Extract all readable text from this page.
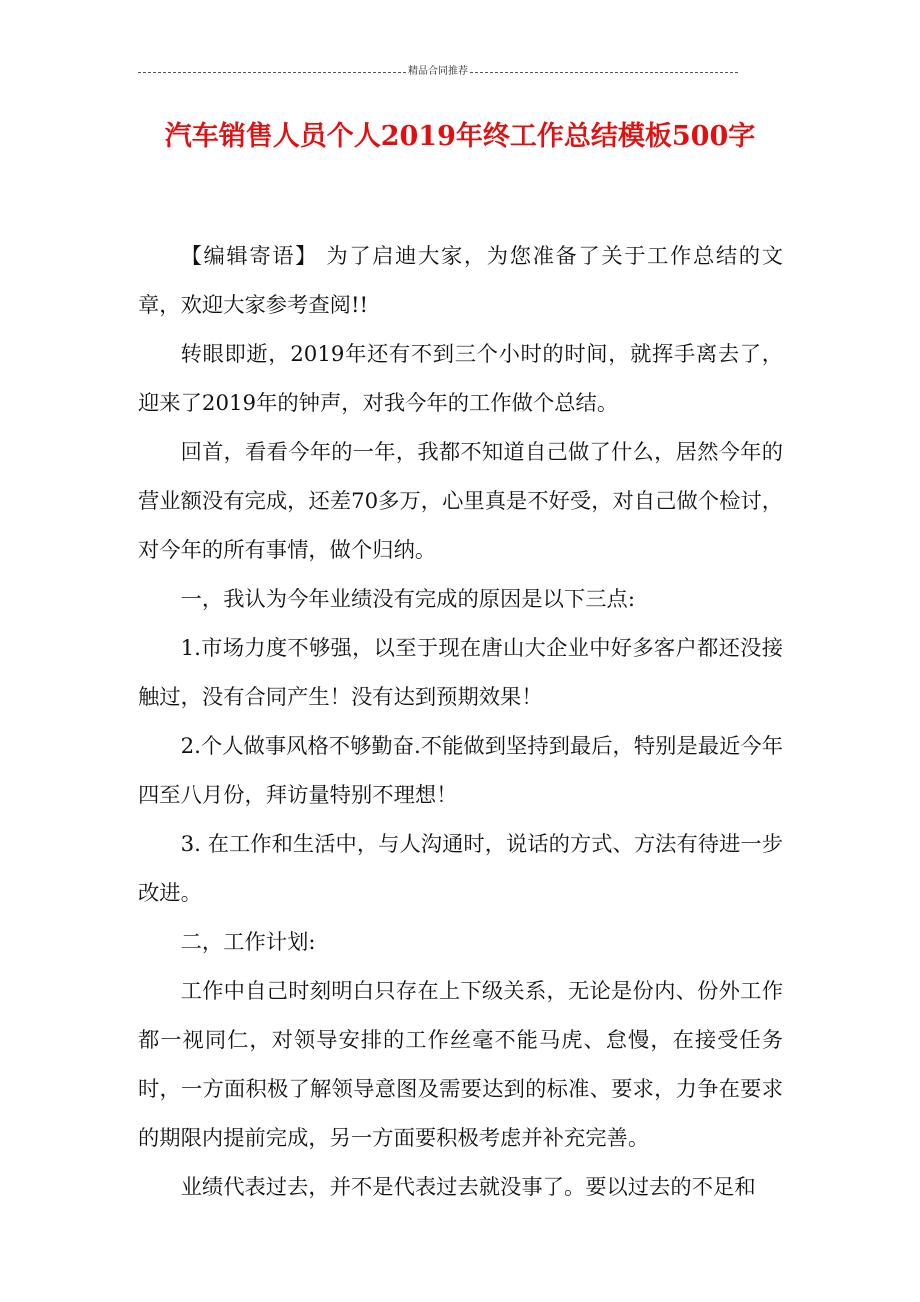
精品合同推荐
汽车销售人员个人2019年终工作总结模板500字

【编辑寄语】 为了启迪大家，为您准备了关于工作总结的文章，欢迎大家参考查阅!!

转眼即逝，2019年还有不到三个小时的时间，就挥手离去了，迎来了2019年的钟声，对我今年的工作做个总结。

回首，看看今年的一年，我都不知道自己做了什么，居然今年的营业额没有完成，还差70多万，心里真是不好受，对自己做个检讨，对今年的所有事情，做个归纳。

一，我认为今年业绩没有完成的原因是以下三点:

1.市场力度不够强，以至于现在唐山大企业中好多客户都还没接触过，没有合同产生！没有达到预期效果！

2.个人做事风格不够勤奋.不能做到坚持到最后，特别是最近今年四至八月份，拜访量特别不理想！

3. 在工作和生活中，与人沟通时，说话的方式、方法有待进一步改进。

二，工作计划:

工作中自己时刻明白只存在上下级关系，无论是份内、份外工作都一视同仁，对领导安排的工作丝毫不能马虎、怠慢，在接受任务时，一方面积极了解领导意图及需要达到的标准、要求，力争在要求的期限内提前完成，另一方面要积极考虑并补充完善。

业绩代表过去，并不是代表过去就没事了。要以过去的不足和
